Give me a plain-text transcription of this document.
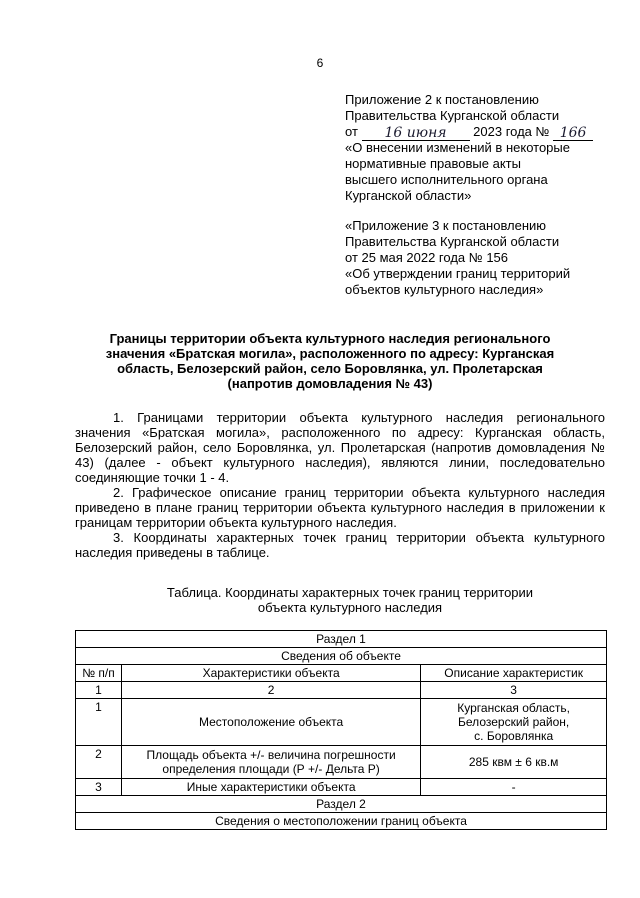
6

Приложение 2 к постановлению

Правительства Курганской области

от 16 июня 2023 года № 166

«О внесении изменений в некоторые

нормативные правовые акты

высшего исполнительного органа

Курганской области»

«Приложение 3 к постановлению

Правительства Курганской области

от 25 мая 2022 года № 156

«Об утверждении границ территорий

объектов культурного наследия»

Границы территории объекта культурного наследия регионального
значения «Братская могила», расположенного по адресу: Курганская
область, Белозерский район, село Боровлянка, ул. Пролетарская
(напротив домовладения № 43)

1. Границами территории объекта культурного наследия регионального значения «Братская могила», расположенного по адресу: Курганская область, Белозерский район, село Боровлянка, ул. Пролетарская (напротив домовладения № 43) (далее - объект культурного наследия), являются линии, последовательно соединяющие точки 1 - 4.

2. Графическое описание границ территории объекта культурного наследия приведено в плане границ территории объекта культурного наследия в приложении к границам территории объекта культурного наследия.

3. Координаты характерных точек границ территории объекта культурного наследия приведены в таблице.

Таблица. Координаты характерных точек границ территории
объекта культурного наследия
Раздел 1		
Сведения об объекте		
№ п/п	Характеристики объекта	Описание характеристик
1	2	3
1	Местоположение объекта	Курганская область,
Белозерский район,
с. Боровлянка

2	Площадь объекта +/- величина погрешности
определения площади (Р +/- Дельта Р)	285 квм ± 6 кв.м
3	Иные характеристики объекта	-
Раздел 2		
Сведения о местоположении границ объекта		
